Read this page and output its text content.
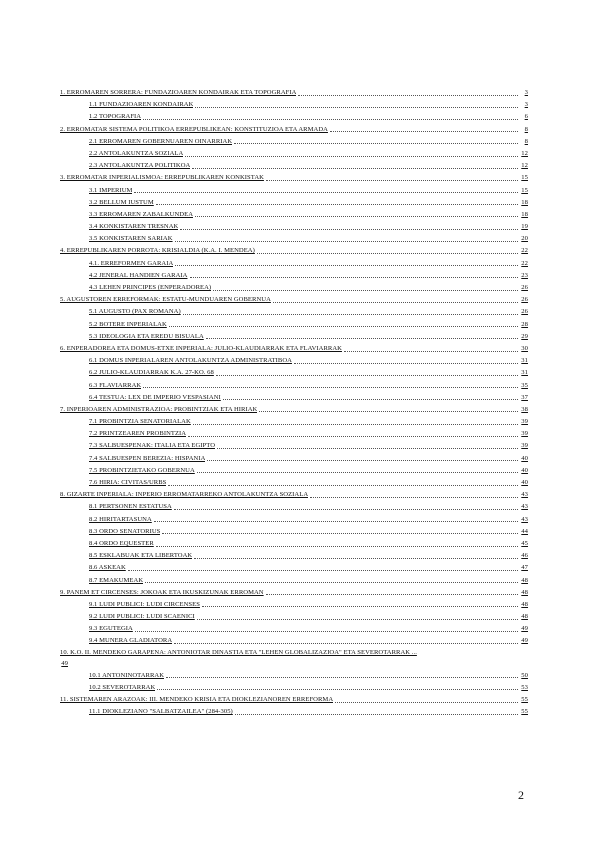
1. ERROMAREN SORRERA: FUNDAZIOAREN KONDAIRAK ETA TOPOGRAFIA	3
1.1 FUNDAZIOAREN KONDAIRAK	3
1.2 TOPOGRAFIA	6
2. ERROMATAR SISTEMA POLITIKOA ERREPUBLIKEAN: KONSTITUZIOA ETA ARMADA	8
2.1 ERROMAREN GOBERNUAREN OINARRIAK	8
2.2 ANTOLAKUNTZA SOZIALA	12
2.3 ANTOLAKUNTZA POLITIKOA	12
3. ERROMATAR INPERIALISMOA: ERREPUBLIKAREN KONKISTAK	15
3.1 IMPERIUM	15
3.2 BELLUM IUSTUM	18
3.3 ERROMAREN ZABALKUNDEA	18
3.4 KONKISTAREN TRESNAK	19
3.5 KONKISTAREN SARIAK	20
4. ERREPUBLIKAREN PORROTA: KRISIALDIA (K.A. I. MENDEA)	22
4.1. ERREFORMEN GARAIA	22
4.2 JENERAL HANDIEN GARAIA	23
4.3 LEHEN PRINCIPES (ENPERADOREA)	26
5. AUGUSTOREN ERREFORMAK: ESTATU-MUNDUAREN GOBERNUA	26
5.1 AUGUSTO (PAX ROMANA)	26
5.2 BOTERE INPERIALAK	28
5.3 IDEOLOGIA ETA EREDU BISUALA	29
6. ENPERADOREA ETA DOMUS-ETXE INPERIALA: JULIO-KLAUDIARRAK ETA FLAVIARRAK	30
6.1 DOMUS INPERIALAREN ANTOLAKUNTZA ADMINISTRATIBOA	31
6.2 JULIO-KLAUDIARRAK K.A. 27-KO. 68	31
6.3 FLAVIARRAK	35
6.4 TESTUA: LEX DE IMPERIO VESPASIANI	37
7. INPERIOAREN ADMINISTRAZIOA: PROBINTZIAK ETA HIRIAK	38
7.1 PROBINTZIA SENATORIALAK	39
7.2 PRINTZEAREN PROBINTZIA	39
7.3 SALBUESPENAK: ITALIA ETA EGIPTO	39
7.4 SALBUESPEN BEREZIA: HISPANIA	40
7.5 PROBINTZIETAKO GOBERNUA	40
7.6 HIRIA: CIVITAS/URBS	40
8. GIZARTE INPERIALA: INPERIO ERROMATARREKO ANTOLAKUNTZA SOZIALA	43
8.1 PERTSONEN ESTATUSA	43
8.2 HIRITARTASUNA	43
8.3 ORDO SENATORIUS	44
8.4 ORDO EQUESTER	45
8.5 ESKLABUAK ETA LIBERTOAK	46
8.6 ASKEAK	47
8.7 EMAKUMEAK	48
9. PANEM ET CIRCENSES: JOKOAK ETA IKUSKIZUNAK ERROMAN	48
9.1 LUDI PUBLICI: LUDI CIRCENSES	48
9.2 LUDI PUBLICI: LUDI SCAENICI	48
9.3 EGUTEGIA	49
9.4 MUNERA GLADIATORA	49
10. K.O. II. MENDEKO GARAPENA: ANTONIOTAR DINASTIA ETA "LEHEN GLOBALIZAZIOA" ETA SEVEROTARRAK ...
49
10.1 ANTONINOTARRAK	50
10.2 SEVEROTARRAK	53
11. SISTEMAREN ARAZOAK: III. MENDEKO KRISIA ETA DIOKLEZIANOREN ERREFORMA	55
11.1 DIOKLEZIANO "SALBATZAILEA" (284-305)	55
2
